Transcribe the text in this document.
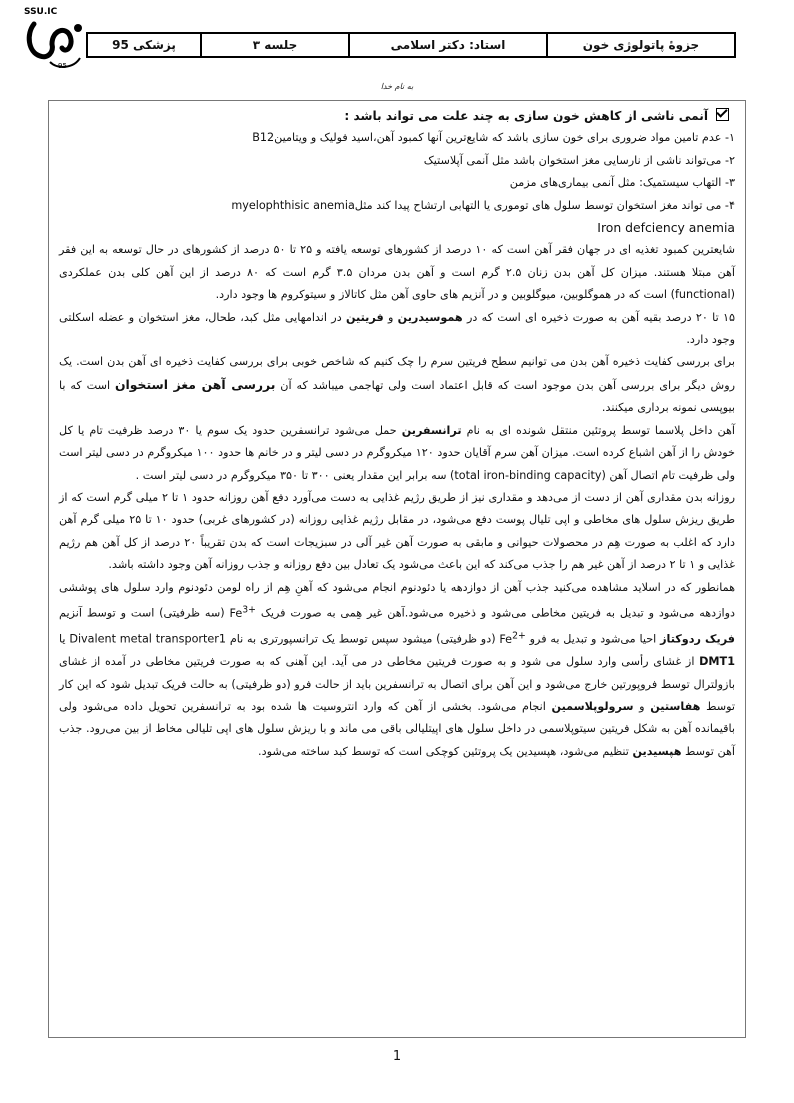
SSU.IC
95
جزوهٔ پاتولوژی خون
استاد: دکتر اسلامی
جلسه ۳
پزشکی 95
به نام خدا

آنمی ناشی از کاهش خون سازی به چند علت می تواند باشد :

۱- عدم تامین مواد ضروری برای خون سازی باشد که شایع‌ترین آنها کمبود آهن،اسید فولیک و ویتامینB12

۲- می‌تواند ناشی از نارسایی مغز استخوان باشد مثل آنمی آپلاستیک

۳- التهاب سیستمیک: مثل آنمی بیماری‌های مزمن

۴- می تواند مغز استخوان توسط سلول های توموری یا التهابی ارتشاح پیدا کند مثلmyelophthisic anemia

Iron defciency anemia

شایعترین کمبود تغذیه ای در جهان فقر آهن است که ۱۰ درصد از کشورهای توسعه یافته و ۲۵ تا ۵۰ درصد از کشورهای در حال توسعه به این فقر آهن مبتلا هستند. میزان کل آهن بدن زنان ۲.۵ گرم است و آهن بدن مردان ۳.۵ گرم است که ۸۰ درصد از این آهن کلی بدن عملکردی (functional) است که در هموگلوبین، میوگلوبین و در آنزیم های حاوی آهن مثل کاتالاز و سیتوکروم ها وجود دارد.

۱۵ تا ۲۰ درصد بقیه آهن به صورت ذخیره ای است که در هموسیدرین و فریتین در اندامهایی مثل کبد، طحال، مغز استخوان و عضله اسکلتی وجود دارد.

برای بررسی کفایت ذخیره آهن بدن می توانیم سطح فریتین سرم را چک کنیم که شاخص خوبی برای بررسی کفایت ذخیره ای آهن بدن است. یک روش دیگر برای بررسی آهن بدن موجود است که قابل اعتماد است ولی تهاجمی میباشد که آن بررسی آهن مغز استخوان است که با بیوپسی نمونه برداری میکنند.

آهن داخل پلاسما توسط پروتئین منتقل شونده ای به نام ترانسفرین حمل می‌شود ترانسفرین حدود یک سوم یا ۳۰ درصد ظرفیت تام یا کل خودش را از آهن اشباع کرده است. میزان آهن سرم آقایان حدود ۱۲۰ میکروگرم در دسی لیتر و در خانم ها حدود ۱۰۰ میکروگرم در دسی لیتر است ولی ظرفیت تام اتصال آهن (total iron-binding capacity) سه برابر این مقدار یعنی ۳۰۰ تا ۳۵۰ میکروگرم در دسی لیتر است .

روزانه بدن مقداری آهن از دست از می‌دهد و مقداری نیز از طریق رژیم غذایی به دست می‌آورد دفع آهن روزانه حدود ۱ تا ۲ میلی گرم است که از طریق ریزش سلول های مخاطی و اپی تلیال پوست دفع می‌شود، در مقابل رژیم غذایی روزانه (در کشورهای غربی) حدود ۱۰ تا ۲۵ میلی گرم آهن دارد که اغلب به صورت هِم در محصولات حیوانی و مابقی به صورت آهن غیر آلی در سبزیجات است که بدن تقریباً ۲۰ درصد از کل آهن هم رژیم غذایی و ۱ تا ۲ درصد از آهن غیر هم را جذب می‌کند که این باعث می‌شود یک تعادل بین دفع روزانه و جذب روزانه آهن وجود داشته باشد.

همانطور که در اسلاید مشاهده می‌کنید جذب آهن از دوازدهه یا دئودنوم انجام می‌شود که آهنِ هِم از راه لومن دئودنوم وارد سلول های پوششی دوازدهه می‌شود و تبدیل به فریتین مخاطی می‌شود و ذخیره می‌شود.آهن غیر هِمی به صورت فریک $Fe^{3+}$ (سه ظرفیتی) است و توسط آنزیم فریک ردوکتاز احیا می‌شود و تبدیل به فرو $Fe^{2+}$ (دو ظرفیتی) میشود سپس توسط یک ترانسپورتری به نام Divalent metal transporter1 یا DMT1 از غشای رأسی وارد سلول می شود و به صورت فریتین مخاطی در می آید. این آهنی که به صورت فریتین مخاطی در آمده از غشای بازولترال توسط فروپورتین خارج می‌شود و این آهن برای اتصال به ترانسفرین باید از حالت فرو (دو ظرفیتی) به حالت فریک تبدیل شود که این کار توسط هفاستین و سرولوپلاسمین انجام می‌شود. بخشی از آهن که وارد انتروسیت ها شده بود به ترانسفرین تحویل داده می‌شود ولی باقیمانده آهن به شکل فریتین سیتوپلاسمی در داخل سلول های اپیتلیالی باقی می ماند و با ریزش سلول های اپی تلیالی مخاط از بین می‌رود. جذب آهن توسط هپسیدین تنظیم می‌شود، هپسیدین یک پروتئین کوچکی است که توسط کبد ساخته می‌شود.

1
